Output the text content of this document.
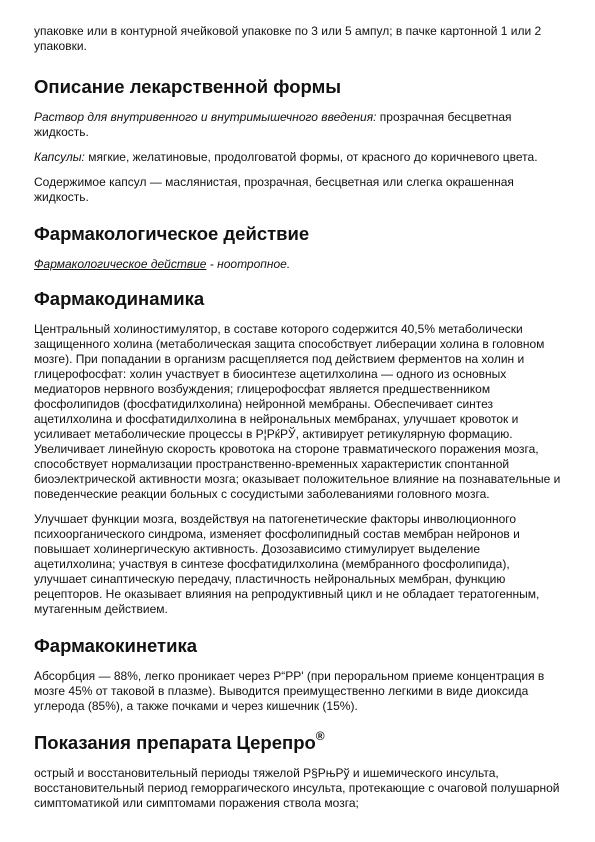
упаковке или в контурной ячейковой упаковке по 3 или 5 ампул; в пачке картонной 1 или 2 упаковки.

Описание лекарственной формы

Раствор для внутривенного и внутримышечного введения: прозрачная бесцветная жидкость.

Капсулы: мягкие, желатиновые, продолговатой формы, от красного до коричневого цвета.

Содержимое капсул — маслянистая, прозрачная, бесцветная или слегка окрашенная жидкость.

Фармакологическое действие

Фармакологическое действие - ноотропное.

Фармакодинамика

Центральный холиностимулятор, в составе которого содержится 40,5% метаболически защищенного холина (метаболическая защита способствует либерации холина в головном мозге). При попадании в организм расщепляется под действием ферментов на холин и глицерофосфат: холин участвует в биосинтезе ацетилхолина — одного из основных медиаторов нервного возбуждения; глицерофосфат является предшественником фосфолипидов (фосфатидилхолина) нейронной мембраны. Обеспечивает синтез ацетилхолина и фосфатидилхолина в нейрональных мембранах, улучшает кровоток и усиливает метаболические процессы в Р¦РќРЎ, активирует ретикулярную формацию. Увеличивает линейную скорость кровотока на стороне травматического поражения мозга, способствует нормализации пространственно-временных характеристик спонтанной биоэлектрической активности мозга; оказывает положительное влияние на познавательные и поведенческие реакции больных с сосудистыми заболеваниями головного мозга.

Улучшает функции мозга, воздействуя на патогенетические факторы инволюционного психоорганического синдрома, изменяет фосфолипидный состав мембран нейронов и повышает холинергическую активность. Дозозависимо стимулирует выделение ацетилхолина; участвуя в синтезе фосфатидилхолина (мембранного фосфолипида), улучшает синаптическую передачу, пластичность нейрональных мембран, функцию рецепторов. Не оказывает влияния на репродуктивный цикл и не обладает тератогенным, мутагенным действием.

Фармакокинетика

Абсорбция — 88%, легко проникает через Р“РР' (при пероральном приеме концентрация в мозге 45% от таковой в плазме). Выводится преимущественно легкими в виде диоксида углерода (85%), а также почками и через кишечник (15%).

Показания препарата Церепро®

острый и восстановительный периоды тяжелой Р§РњРў и ишемического инсульта, восстановительный период геморрагического инсульта, протекающие с очаговой полушарной симптоматикой или симптомами поражения ствола мозга;
